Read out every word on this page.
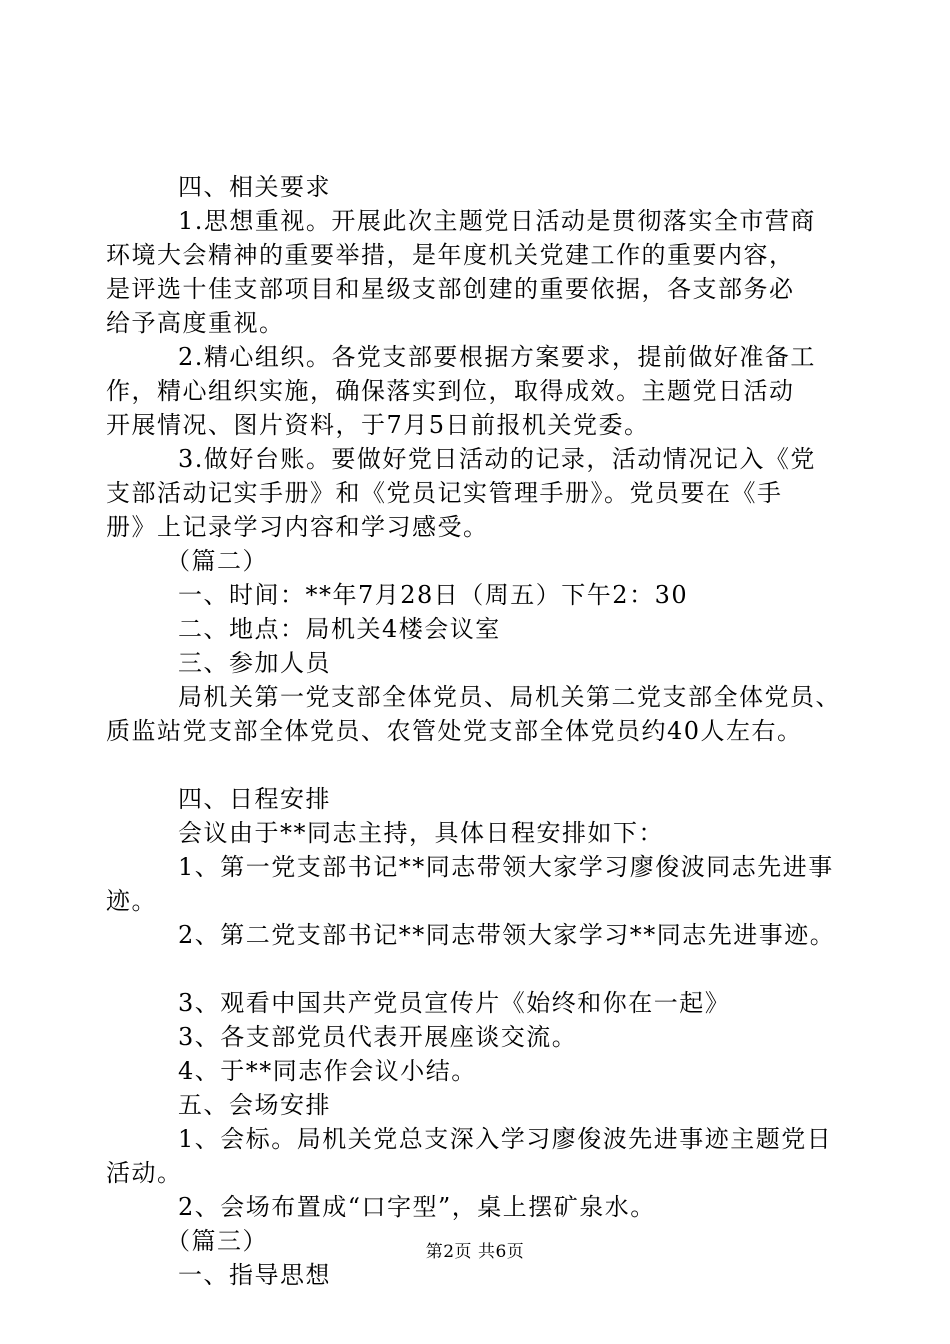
四、相关要求
1.思想重视。开展此次主题党日活动是贯彻落实全市营商
环境大会精神的重要举措，是年度机关党建工作的重要内容，
是评选十佳支部项目和星级支部创建的重要依据，各支部务必
给予高度重视。
2.精心组织。各党支部要根据方案要求，提前做好准备工
作，精心组织实施，确保落实到位，取得成效。主题党日活动
开展情况、图片资料，于7月5日前报机关党委。
3.做好台账。要做好党日活动的记录，活动情况记入《党
支部活动记实手册》和《党员记实管理手册》。党员要在《手
册》上记录学习内容和学习感受。
（篇二）
一、时间：**年7月28日（周五）下午2：30
二、地点：局机关4楼会议室
三、参加人员
局机关第一党支部全体党员、局机关第二党支部全体党员、
质监站党支部全体党员、农管处党支部全体党员约40人左右。
四、日程安排
会议由于**同志主持，具体日程安排如下：
1、第一党支部书记**同志带领大家学习廖俊波同志先进事
迹。
2、第二党支部书记**同志带领大家学习**同志先进事迹。
3、观看中国共产党员宣传片《始终和你在一起》
3、各支部党员代表开展座谈交流。
4、于**同志作会议小结。
五、会场安排
1、会标。局机关党总支深入学习廖俊波先进事迹主题党日
活动。
2、会场布置成“口字型”，桌上摆矿泉水。
（篇三）
一、指导思想
第2页 共6页
